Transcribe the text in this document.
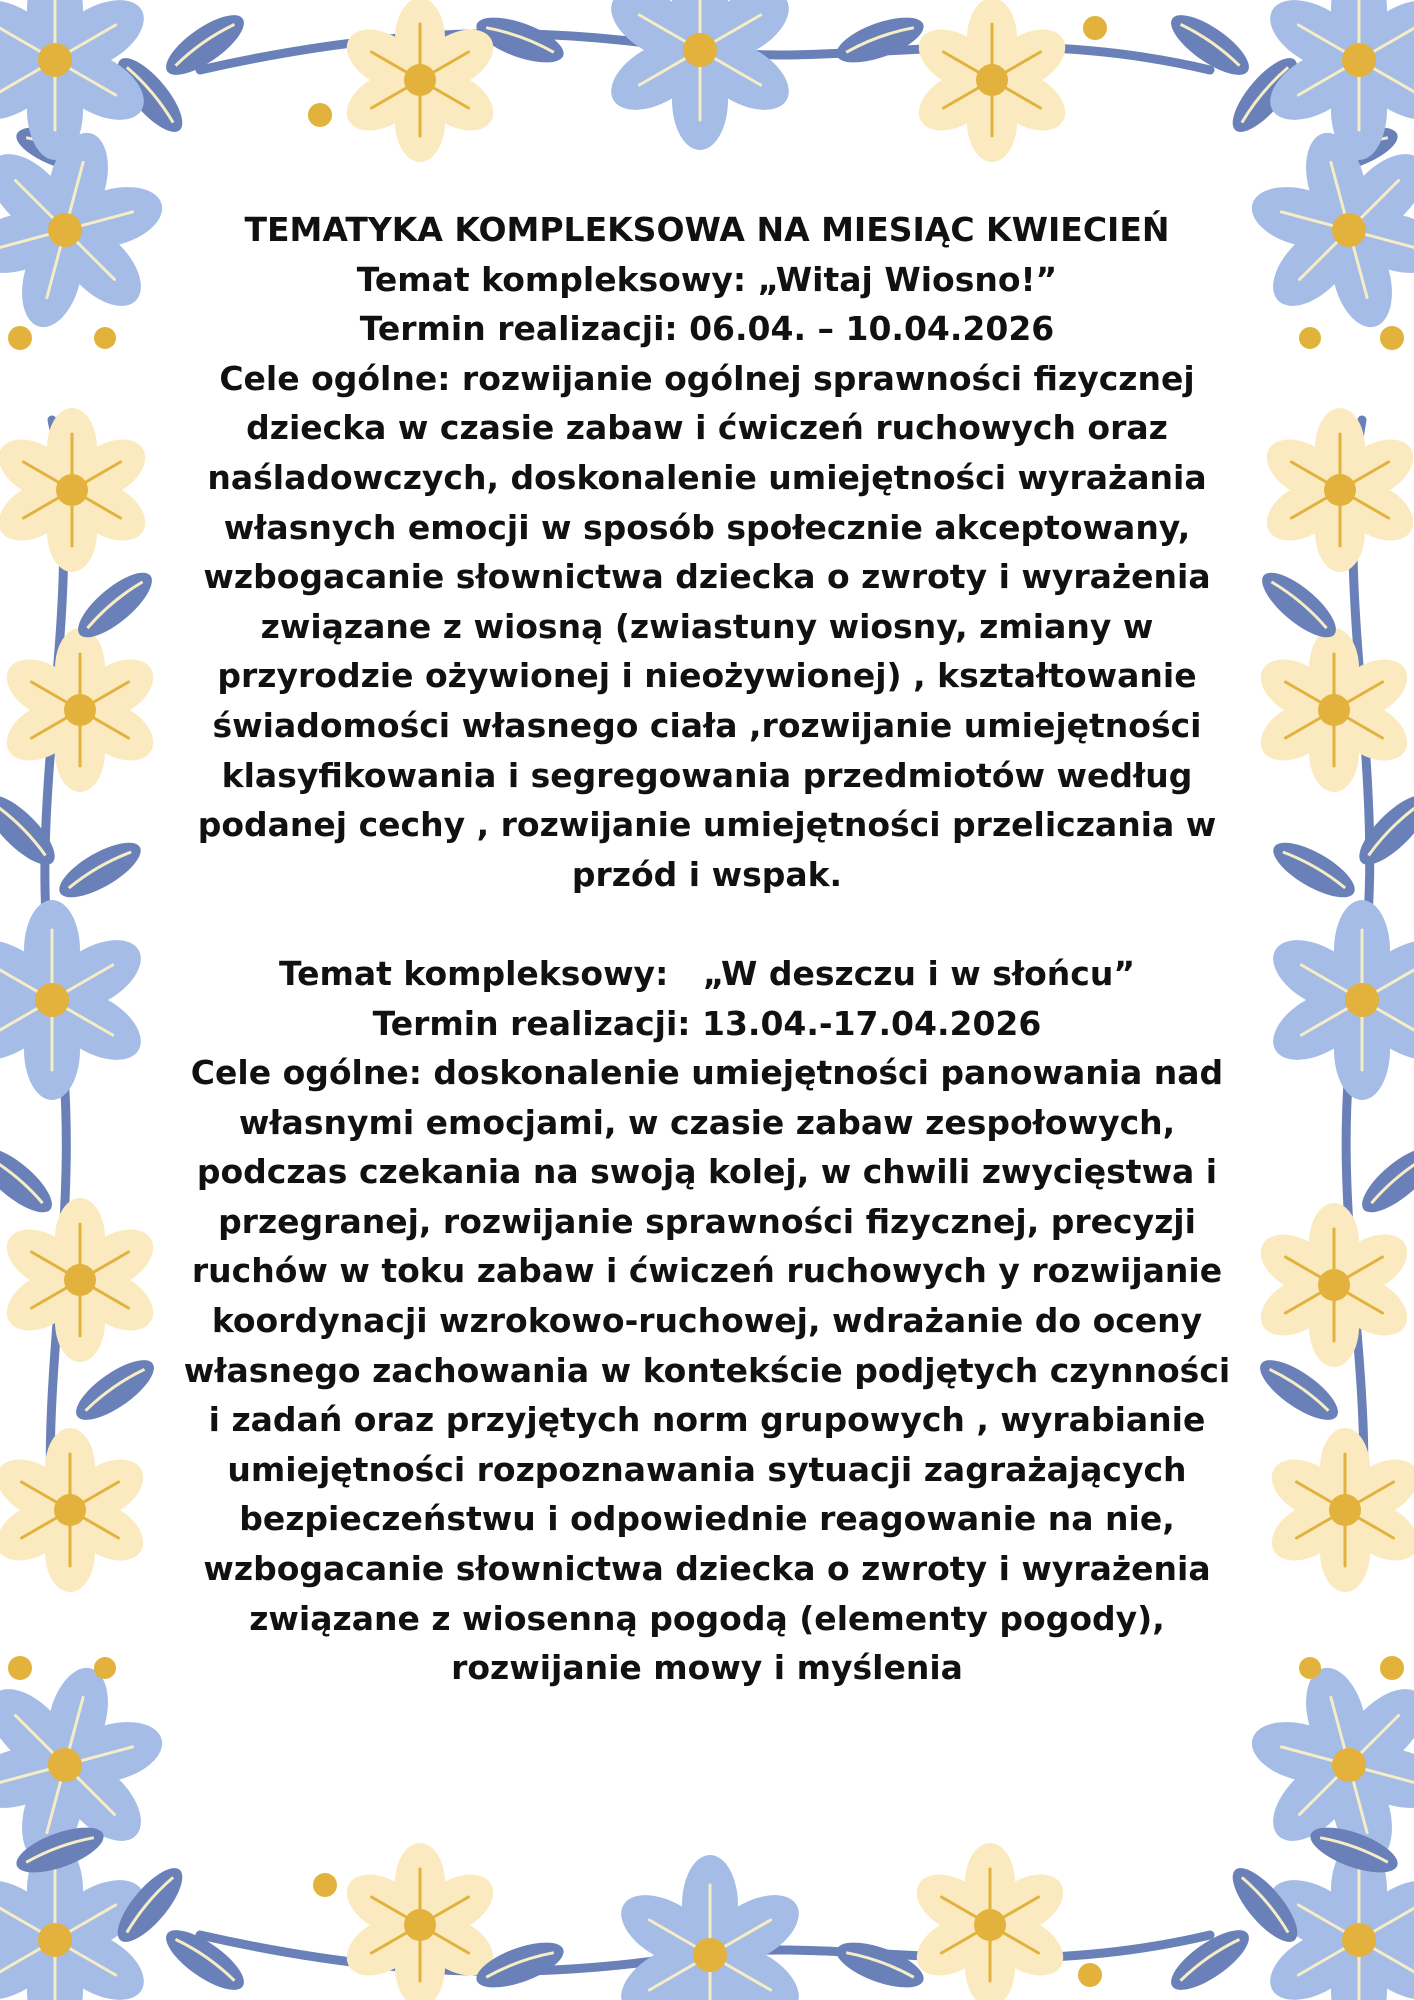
TEMATYKA KOMPLEKSOWA NA MIESIĄC KWIECIEŃ

Temat kompleksowy: „Witaj Wiosno!”

Termin realizacji: 06.04. – 10.04.2026

Cele ogólne: rozwijanie ogólnej sprawności fizycznej dziecka w czasie zabaw i ćwiczeń ruchowych oraz naśladowczych, doskonalenie umiejętności wyrażania własnych emocji w sposób społecznie akceptowany, wzbogacanie słownictwa dziecka o zwroty i wyrażenia związane z wiosną (zwiastuny wiosny, zmiany w przyrodzie ożywionej i nieożywionej) , kształtowanie świadomości własnego ciała ,rozwijanie umiejętności klasyfikowania i segregowania przedmiotów według podanej cechy , rozwijanie umiejętności przeliczania w przód i wspak.

Temat kompleksowy:   „W deszczu i w słońcu”

Termin realizacji: 13.04.-17.04.2026

Cele ogólne: doskonalenie umiejętności panowania nad własnymi emocjami, w czasie zabaw zespołowych, podczas czekania na swoją kolej, w chwili zwycięstwa i przegranej, rozwijanie sprawności fizycznej, precyzji ruchów w toku zabaw i ćwiczeń ruchowych y rozwijanie koordynacji wzrokowo-ruchowej, wdrażanie do oceny własnego zachowania w kontekście podjętych czynności i zadań oraz przyjętych norm grupowych , wyrabianie umiejętności rozpoznawania sytuacji zagrażających bezpieczeństwu i odpowiednie reagowanie na nie, wzbogacanie słownictwa dziecka o zwroty i wyrażenia związane z wiosenną pogodą (elementy pogody), rozwijanie mowy i myślenia
